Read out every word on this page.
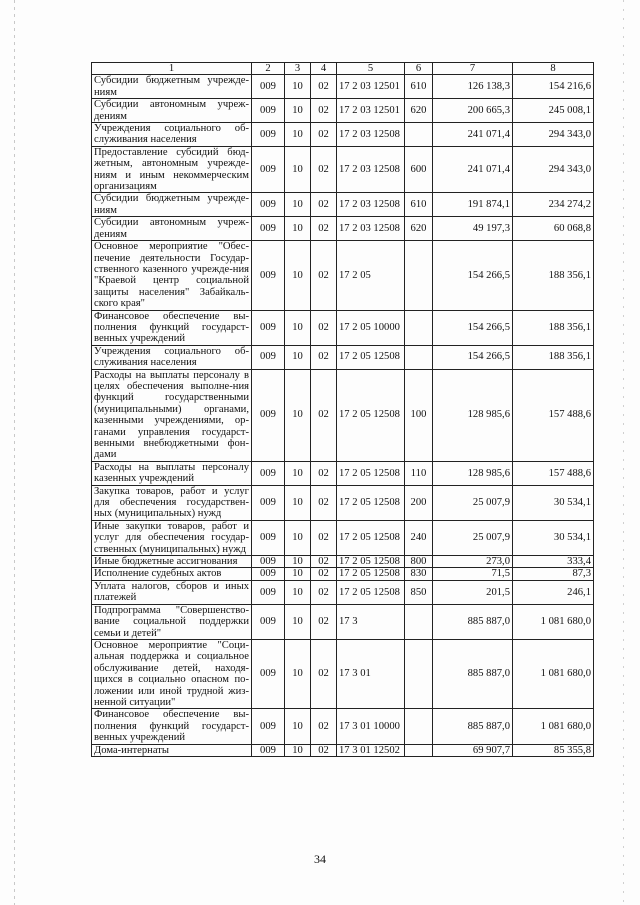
1	2	3	4	5	6	7	8
Субсидии бюджетным учрежде-ниям	009	10	02	17 2 03 12501	610	126 138,3	154 216,6
Субсидии автономным учреж-дениям	009	10	02	17 2 03 12501	620	200 665,3	245 008,1
Учреждения социального об-служивания населения	009	10	02	17 2 03 12508		241 071,4	294 343,0
Предоставление субсидий бюд-жетным, автономным учрежде-ниям и иным некоммерческим организациям	009	10	02	17 2 03 12508	600	241 071,4	294 343,0
Субсидии бюджетным учрежде-ниям	009	10	02	17 2 03 12508	610	191 874,1	234 274,2
Субсидии автономным учреж-дениям	009	10	02	17 2 03 12508	620	49 197,3	60 068,8
Основное мероприятие "Обес-печение деятельности Государ-ственного казенного учрежде-ния "Краевой центр социальной защиты населения" Забайкаль-ского края"	009	10	02	17 2 05		154 266,5	188 356,1
Финансовое обеспечение вы-полнения функций государст-венных учреждений	009	10	02	17 2 05 10000		154 266,5	188 356,1
Учреждения социального об-служивания населения	009	10	02	17 2 05 12508		154 266,5	188 356,1
Расходы на выплаты персоналу в целях обеспечения выполне-ния функций государственными (муниципальными) органами, казенными учреждениями, ор-ганами управления государст-венными внебюджетными фон-дами	009	10	02	17 2 05 12508	100	128 985,6	157 488,6
Расходы на выплаты персоналу казенных учреждений	009	10	02	17 2 05 12508	110	128 985,6	157 488,6
Закупка товаров, работ и услуг для обеспечения государствен-ных (муниципальных) нужд	009	10	02	17 2 05 12508	200	25 007,9	30 534,1
Иные закупки товаров, работ и услуг для обеспечения государ-ственных (муниципальных) нужд	009	10	02	17 2 05 12508	240	25 007,9	30 534,1
Иные бюджетные ассигнования	009	10	02	17 2 05 12508	800	273,0	333,4
Исполнение судебных актов	009	10	02	17 2 05 12508	830	71,5	87,3
Уплата налогов, сборов и иных платежей	009	10	02	17 2 05 12508	850	201,5	246,1
Подпрограмма "Совершенство-вание социальной поддержки семьи и детей"	009	10	02	17 3		885 887,0	1 081 680,0
Основное мероприятие "Соци-альная поддержка и социальное обслуживание детей, находя-щихся в социально опасном по-ложении или иной трудной жиз-ненной ситуации"	009	10	02	17 3 01		885 887,0	1 081 680,0
Финансовое обеспечение вы-полнения функций государст-венных учреждений	009	10	02	17 3 01 10000		885 887,0	1 081 680,0
Дома-интернаты	009	10	02	17 3 01 12502		69 907,7	85 355,8
34
